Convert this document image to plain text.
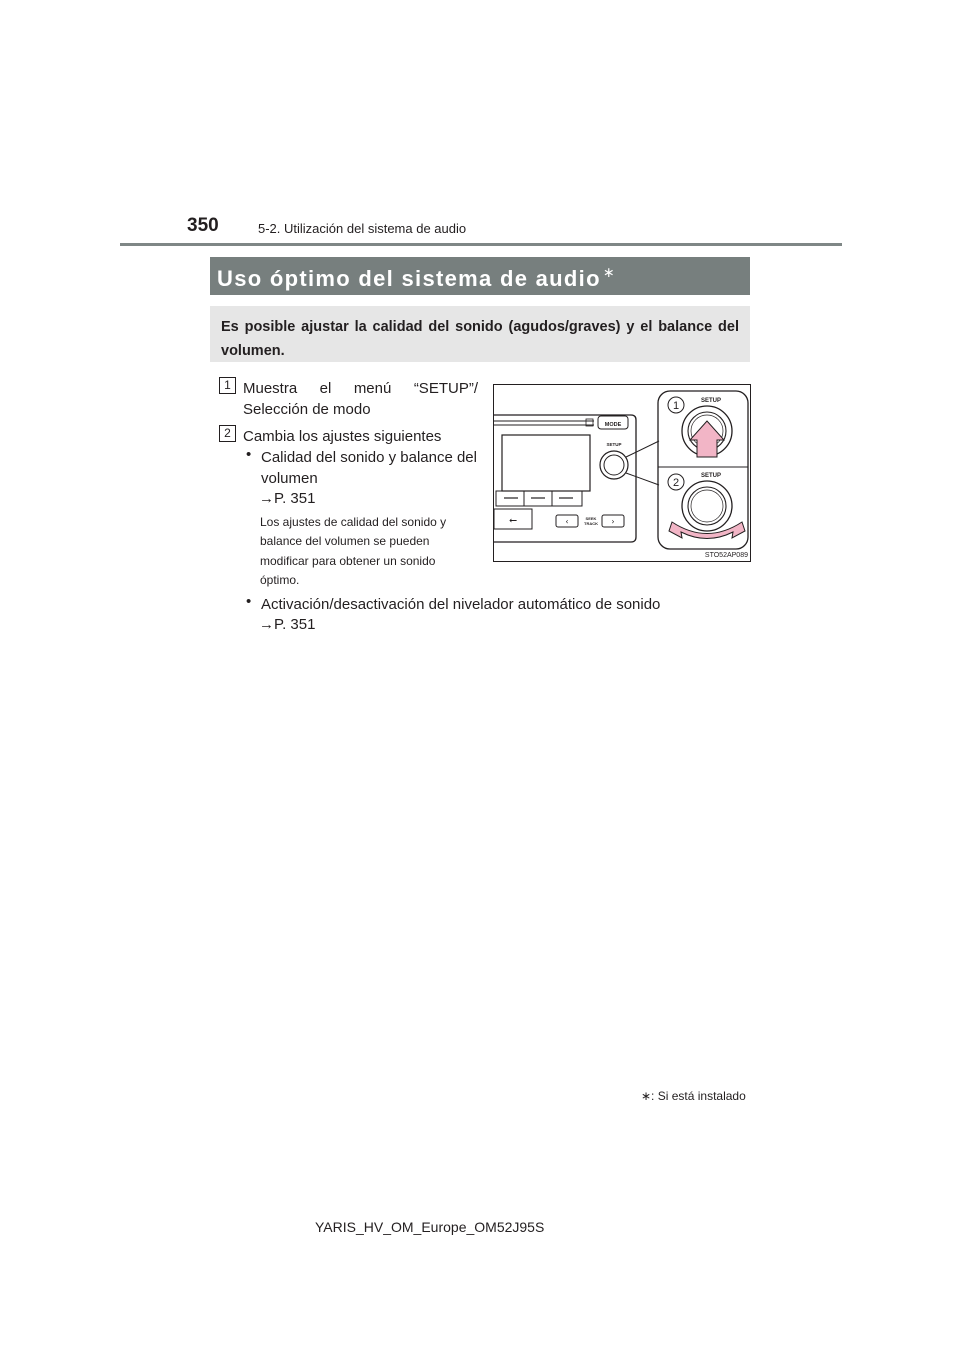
350	5-2. Utilización del sistema de audio
Uso óptimo del sistema de audio ∗
Es posible ajustar la calidad del sonido (agudos/graves) y el balance del volumen.
1 Muestra el menú “SETUP”/
Selección de modo
2 Cambia los ajustes siguientes
• Calidad del sonido y balance del
volumen
→P. 351
Los ajustes de calidad del sonido y
balance del volumen se pueden
modificar para obtener un sonido
óptimo.
• Activación/desactivación del nivelador automático de sonido
→P. 351
MODE
SETUP
⭠	‹	SEEK
TRACK ›
1	SETUP
2
SETUP
STO52AP089
∗: Si está instalado
YARIS_HV_OM_Europe_OM52J95S
